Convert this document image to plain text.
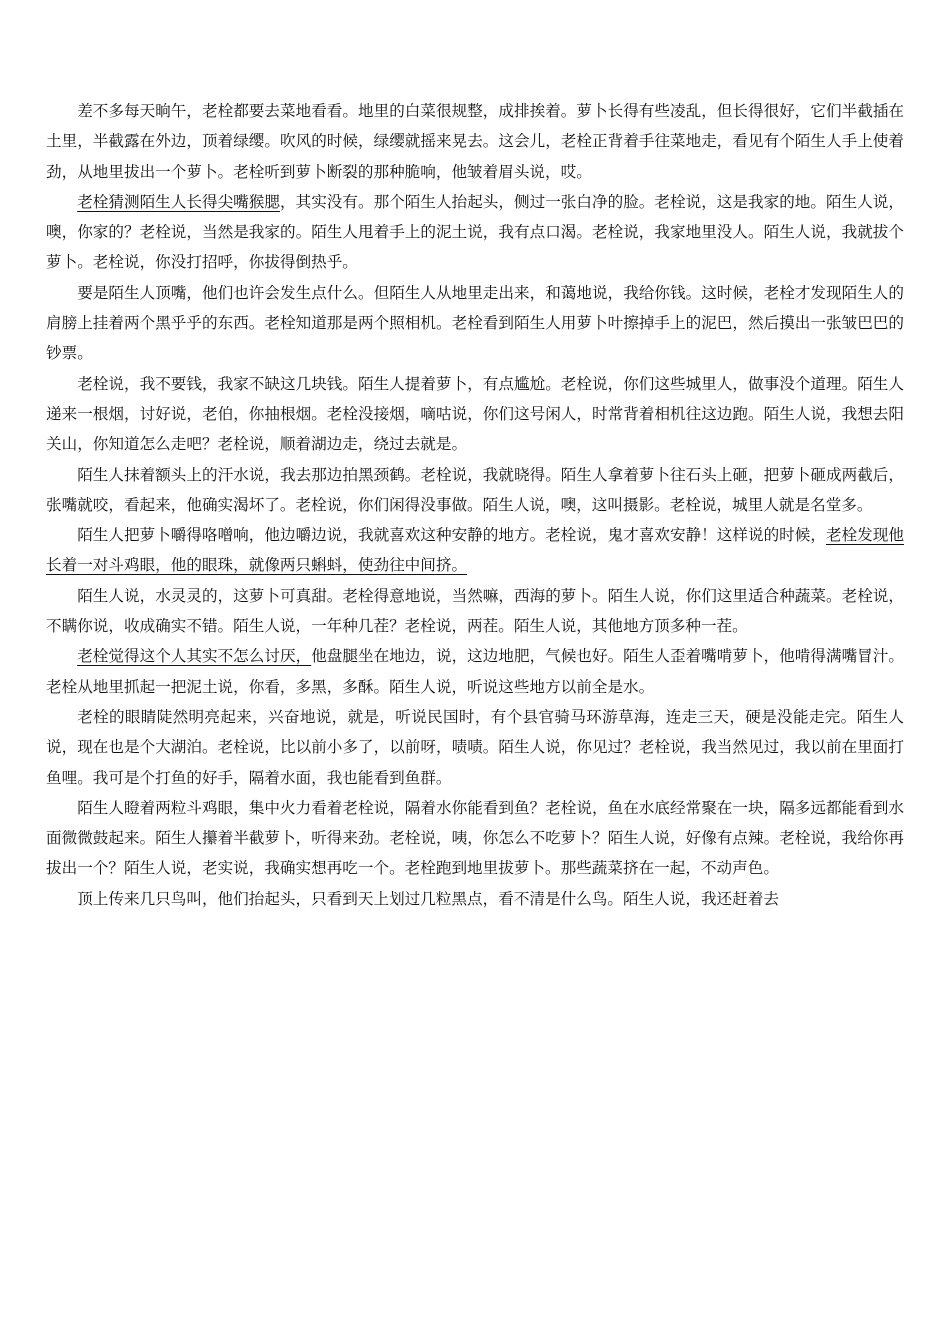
差不多每天晌午，老栓都要去菜地看看。地里的白菜很规整，成排挨着。萝卜长得有些凌乱，但长得很好，它们半截插在土里，半截露在外边，顶着绿缨。吹风的时候，绿缨就摇来晃去。这会儿，老栓正背着手往菜地走，看见有个陌生人手上使着劲，从地里拔出一个萝卜。老栓听到萝卜断裂的那种脆响，他皱着眉头说，哎。

老栓猜测陌生人长得尖嘴猴腮，其实没有。那个陌生人抬起头，侧过一张白净的脸。老栓说，这是我家的地。陌生人说，噢，你家的？老栓说，当然是我家的。陌生人甩着手上的泥土说，我有点口渴。老栓说，我家地里没人。陌生人说，我就拔个萝卜。老栓说，你没打招呼，你拔得倒热乎。

要是陌生人顶嘴，他们也许会发生点什么。但陌生人从地里走出来，和蔼地说，我给你钱。这时候，老栓才发现陌生人的肩膀上挂着两个黑乎乎的东西。老栓知道那是两个照相机。老栓看到陌生人用萝卜叶擦掉手上的泥巴，然后摸出一张皱巴巴的钞票。

老栓说，我不要钱，我家不缺这几块钱。陌生人提着萝卜，有点尴尬。老栓说，你们这些城里人，做事没个道理。陌生人递来一根烟，讨好说，老伯，你抽根烟。老栓没接烟，嘀咕说，你们这号闲人，时常背着相机往这边跑。陌生人说，我想去阳关山，你知道怎么走吧？老栓说，顺着湖边走，绕过去就是。

陌生人抹着额头上的汗水说，我去那边拍黑颈鹤。老栓说，我就晓得。陌生人拿着萝卜往石头上砸，把萝卜砸成两截后，张嘴就咬，看起来，他确实渴坏了。老栓说，你们闲得没事做。陌生人说，噢，这叫摄影。老栓说，城里人就是名堂多。

陌生人把萝卜嚼得咯噌响，他边嚼边说，我就喜欢这种安静的地方。老栓说，鬼才喜欢安静！这样说的时候，老栓发现他长着一对斗鸡眼，他的眼珠，就像两只蝌蚪，使劲往中间挤。

陌生人说，水灵灵的，这萝卜可真甜。老栓得意地说，当然嘛，西海的萝卜。陌生人说，你们这里适合种蔬菜。老栓说，不瞒你说，收成确实不错。陌生人说，一年种几茬？老栓说，两茬。陌生人说，其他地方顶多种一茬。

老栓觉得这个人其实不怎么讨厌，他盘腿坐在地边，说，这边地肥，气候也好。陌生人歪着嘴啃萝卜，他啃得满嘴冒汁。老栓从地里抓起一把泥土说，你看，多黑，多酥。陌生人说，听说这些地方以前全是水。

老栓的眼睛陡然明亮起来，兴奋地说，就是，听说民国时，有个县官骑马环游草海，连走三天，硬是没能走完。陌生人说，现在也是个大湖泊。老栓说，比以前小多了，以前呀，啧啧。陌生人说，你见过？老栓说，我当然见过，我以前在里面打鱼哩。我可是个打鱼的好手，隔着水面，我也能看到鱼群。

陌生人瞪着两粒斗鸡眼，集中火力看着老栓说，隔着水你能看到鱼？老栓说，鱼在水底经常聚在一块，隔多远都能看到水面微微鼓起来。陌生人攥着半截萝卜，听得来劲。老栓说，咦，你怎么不吃萝卜？陌生人说，好像有点辣。老栓说，我给你再拔出一个？陌生人说，老实说，我确实想再吃一个。老栓跑到地里拔萝卜。那些蔬菜挤在一起，不动声色。

顶上传来几只鸟叫，他们抬起头，只看到天上划过几粒黑点，看不清是什么鸟。陌生人说，我还赶着去
